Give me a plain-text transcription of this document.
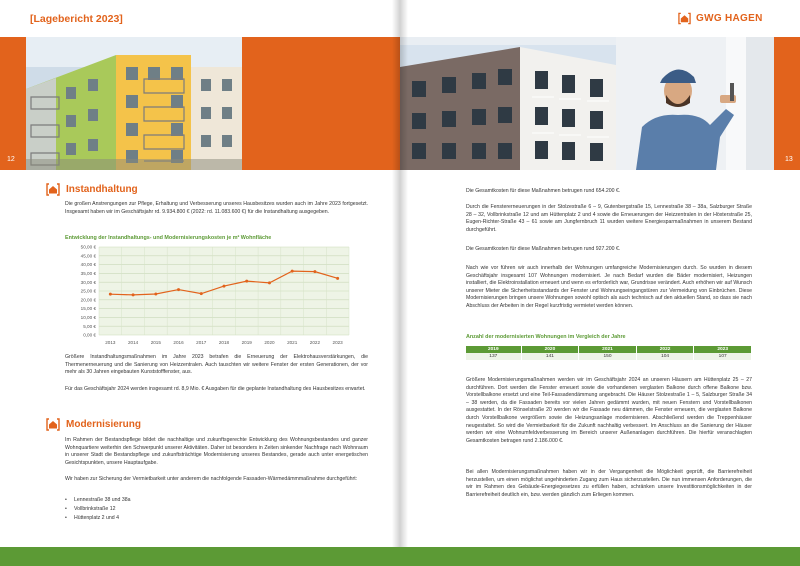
[Lagebericht 2023]
12
Instandhaltung

Die großen Anstrengungen zur Pflege, Erhaltung und Verbesserung unseres Hausbesitzes wurden auch im Jahre 2023 fortgesetzt. Insgesamt haben wir im Geschäftsjahr rd. 9.934.800 € (2022: rd. 11.083.600 €) für die Instandhaltung ausgegeben.

Entwicklung der Instandhaltungs- und Modernisierungskosten je m² Wohnfläche
0,00 €
5,00 €
10,00 €
15,00 €
20,00 €
25,00 €
30,00 €
35,00 €
40,00 €
45,00 €
50,00 €
2013	2014	2015	2016	2017	2018	2019	2020	2021	2022	2023

Größere Instandhaltungsmaßnahmen im Jahre 2023 betrafen die Erneuerung der Elektrohausverstärkungen, die Thermenerneuerung und die Sanierung von Heizzentralen. Auch tauschten wir weitere Fenster der ersten Generationen, der vor mehr als 30 Jahren eingebauten Kunststofffenster, aus.

Für das Geschäftsjahr 2024 werden insgesamt rd. 8,9 Mio. € Ausgaben für die geplante Instandhaltung des Hausbesitzes erwartet.

Modernisierung

Im Rahmen der Bestandspflege bildet die nachhaltige und zukunftsgerechte Entwicklung des Wohnungsbestandes und ganzer Wohnquartiere weiterhin den Schwerpunkt unserer Aktivitäten. Daher ist besonders in Zeiten sinkender Nachfrage nach Wohnraum in unserer Stadt die Bestandspflege und zukunftsträchtige Modernisierung unseres Bestandes, gerade auch unter energetischen Gesichtspunkten, unsere Hauptaufgabe.

Wir haben zur Sicherung der Vermietbarkeit unter anderem die nachfolgende Fassaden-Wärmedämmmaßnahme durchgeführt:

• Lennestraße 38 und 38a
• Vollbrinkstraße 12
• Hüttenplatz 2 und 4
13
GWG HAGEN

Die Gesamtkosten für diese Maßnahmen betrugen rund 654.200 €.

Durch die Fenstererneuerungen in der Stolzestraße 6 – 9, Gutenbergstraße 15, Lennestraße 38 – 38a, Salzburger Straße 28 – 32, Vollbrinkstraße 12 und am Hüttenplatz 2 und 4 sowie die Erneuerungen der Heizzentralen in der Höxterstraße 25, Eugen-Richter-Straße 43 – 61 sowie am Jungfernbruch 11 wurden weitere Energiesparmaßnahmen in unserem Bestand durchgeführt.

Die Gesamtkosten für diese Maßnahmen betrugen rund 927.200 €.

Nach wie vor führen wir auch innerhalb der Wohnungen umfangreiche Modernisierungen durch. So wurden in diesem Geschäftsjahr insgesamt 107 Wohnungen modernisiert. Je nach Bedarf wurden die Bäder modernisiert, Heizungen installiert, die Elektroinstallation erneuert und wenn es erforderlich war, Grundrisse verändert. Auch erhöhen wir auf Wunsch unserer Mieter die Sicherheitsstandards der Fenster und Wohnungseingangstüren zur Vermeidung von Einbrüchen. Diese Modernisierungen bringen unsere Wohnungen sowohl optisch als auch technisch auf den aktuellen Stand, so dass sie nach Abschluss der Arbeiten in der Regel kurzfristig vermietet werden können.

Anzahl der modernisierten Wohnungen im Vergleich der Jahre
2019	2020	2021	2022	2023
137	141	150	104	107

Größere Modernisierungsmaßnahmen werden wir im Geschäftsjahr 2024 an unseren Häusern am Hüttenplatz 25 – 27 durchführen. Dort werden die Fenster erneuert sowie die vorhandenen verglasten Balkone durch offene Balkone bzw. Vorstellbalkone ersetzt und eine Teil-Fassadendämmung angebracht. Die Häuser Stolzestraße 1 – 5, Salzburger Straße 34 – 38 werden, da die Fassaden bereits vor vielen Jahren gedämmt wurden, mit neuen Fenstern und Vorstellbalkonen ausgestattet. In der Rönselstraße 20 werden wir die Fassade neu dämmen, die Fenster erneuern, die verglasten Balkone durch Vorstellbalkone vergrößern sowie die Heizungsanlage modernisieren. Abschließend werden die Treppenhäuser neugestaltet. So wird die Vermietbarkeit für die Zukunft nachhaltig verbessert. Im Anschluss an die Sanierung der Häuser werden wir eine Wohnumfeldverbesserung im Bereich unserer Außenanlagen durchführen. Die hierfür veranschlagten Gesamtkosten betragen rund 2.186.000 €.

Bei allen Modernisierungsmaßnahmen haben wir in der Vergangenheit die Möglichkeit geprüft, die Barrierefreiheit herzustellen, um einen möglichst ungehinderten Zugang zum Haus sicherzustellen. Die nun immensen Anforderungen, die wir im Rahmen des Gebäude-Energiegesetzes zu erfüllen haben, schränken unsere Investitionsmöglichkeiten in der Barrierefreiheit deutlich ein, bzw. werden gänzlich zum Erliegen kommen.
